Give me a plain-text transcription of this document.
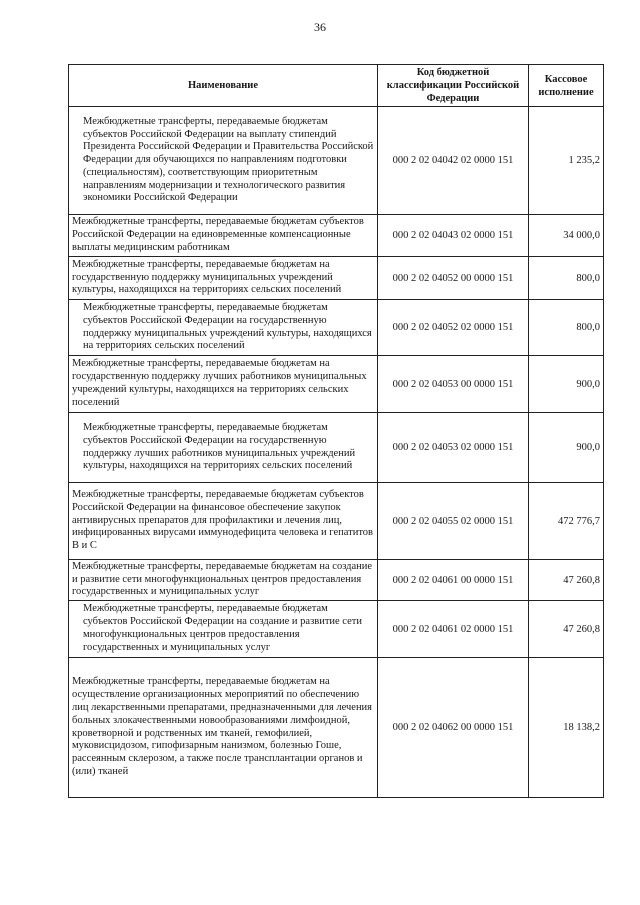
36
Наименование	Код бюджетной классификации Российской Федерации	Кассовое исполнение
Межбюджетные трансферты, передаваемые бюджетам субъектов Российской Федерации на выплату стипендий Президента Российской Федерации и Правительства Российской Федерации для обучающихся по направлениям подготовки (специальностям), соответствующим приоритетным направлениям модернизации и технологического развития экономики Российской Федерации	000 2 02 04042 02 0000 151	1 235,2
Межбюджетные трансферты, передаваемые бюджетам субъектов Российской Федерации на единовременные компенсационные выплаты медицинским работникам	000 2 02 04043 02 0000 151	34 000,0
Межбюджетные трансферты, передаваемые бюджетам на государственную поддержку муниципальных учреждений культуры, находящихся на территориях сельских поселений	000 2 02 04052 00 0000 151	800,0
Межбюджетные трансферты, передаваемые бюджетам субъектов Российской Федерации на государственную поддержку муниципальных учреждений культуры, находящихся на территориях сельских поселений	000 2 02 04052 02 0000 151	800,0
Межбюджетные трансферты, передаваемые бюджетам на государственную поддержку лучших работников муниципальных учреждений культуры, находящихся на территориях сельских поселений	000 2 02 04053 00 0000 151	900,0
Межбюджетные трансферты, передаваемые бюджетам субъектов Российской Федерации на государственную поддержку лучших работников муниципальных учреждений культуры, находящихся на территориях сельских поселений	000 2 02 04053 02 0000 151	900,0
Межбюджетные трансферты, передаваемые бюджетам субъектов Российской Федерации на финансовое обеспечение закупок антивирусных препаратов для профилактики и лечения лиц, инфицированных вирусами иммунодефицита человека и гепатитов B и C	000 2 02 04055 02 0000 151	472 776,7
Межбюджетные трансферты, передаваемые бюджетам на создание и развитие сети многофункциональных центров предоставления государственных и муниципальных услуг	000 2 02 04061 00 0000 151	47 260,8
Межбюджетные трансферты, передаваемые бюджетам субъектов Российской Федерации на создание и развитие сети многофункциональных центров предоставления государственных и муниципальных услуг	000 2 02 04061 02 0000 151	47 260,8
Межбюджетные трансферты, передаваемые бюджетам на осуществление организационных мероприятий по обеспечению лиц лекарственными препаратами, предназначенными для лечения больных злокачественными новообразованиями лимфоидной, кроветворной и родственных им тканей, гемофилией, муковисцидозом, гипофизарным нанизмом, болезнью Гоше, рассеянным склерозом, а также после трансплантации органов и (или) тканей	000 2 02 04062 00 0000 151	18 138,2
